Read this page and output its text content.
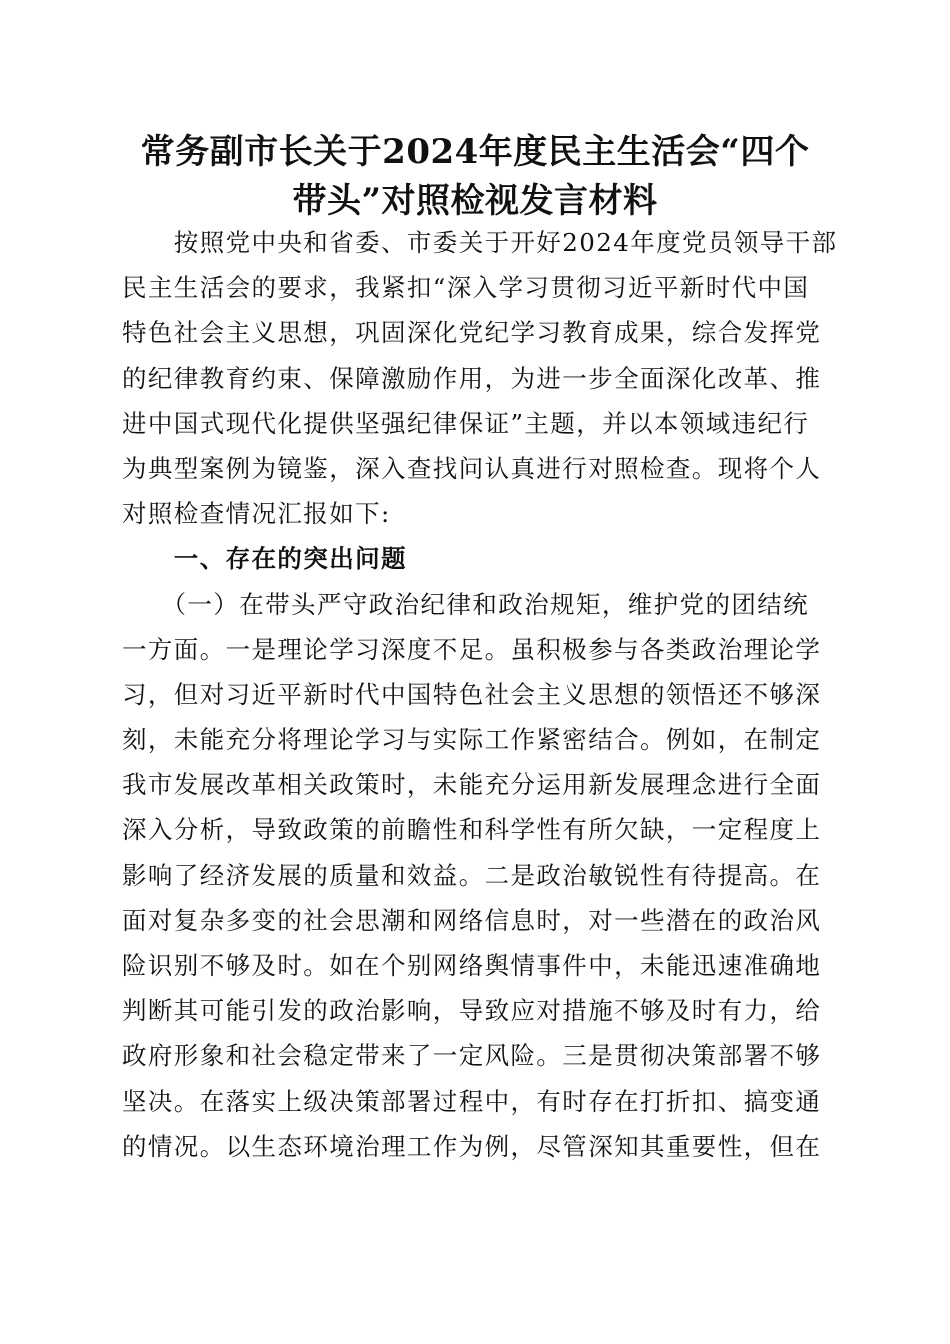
常务副市长关于2024年度民主生活会“四个
带头”对照检视发言材料
　　按照党中央和省委、市委关于开好2024年度党员领导干部
民主生活会的要求，我紧扣“深入学习贯彻习近平新时代中国
特色社会主义思想，巩固深化党纪学习教育成果，综合发挥党
的纪律教育约束、保障激励作用，为进一步全面深化改革、推
进中国式现代化提供坚强纪律保证”主题，并以本领域违纪行
为典型案例为镜鉴，深入查找问认真进行对照检查。现将个人
对照检查情况汇报如下:
　　一、存在的突出问题
　　（一）在带头严守政治纪律和政治规矩，维护党的团结统
一方面。一是理论学习深度不足。虽积极参与各类政治理论学
习，但对习近平新时代中国特色社会主义思想的领悟还不够深
刻，未能充分将理论学习与实际工作紧密结合。例如，在制定
我市发展改革相关政策时，未能充分运用新发展理念进行全面
深入分析，导致政策的前瞻性和科学性有所欠缺，一定程度上
影响了经济发展的质量和效益。二是政治敏锐性有待提高。在
面对复杂多变的社会思潮和网络信息时，对一些潜在的政治风
险识别不够及时。如在个别网络舆情事件中，未能迅速准确地
判断其可能引发的政治影响，导致应对措施不够及时有力，给
政府形象和社会稳定带来了一定风险。三是贯彻决策部署不够
坚决。在落实上级决策部署过程中，有时存在打折扣、搞变通
的情况。以生态环境治理工作为例，尽管深知其重要性，但在
